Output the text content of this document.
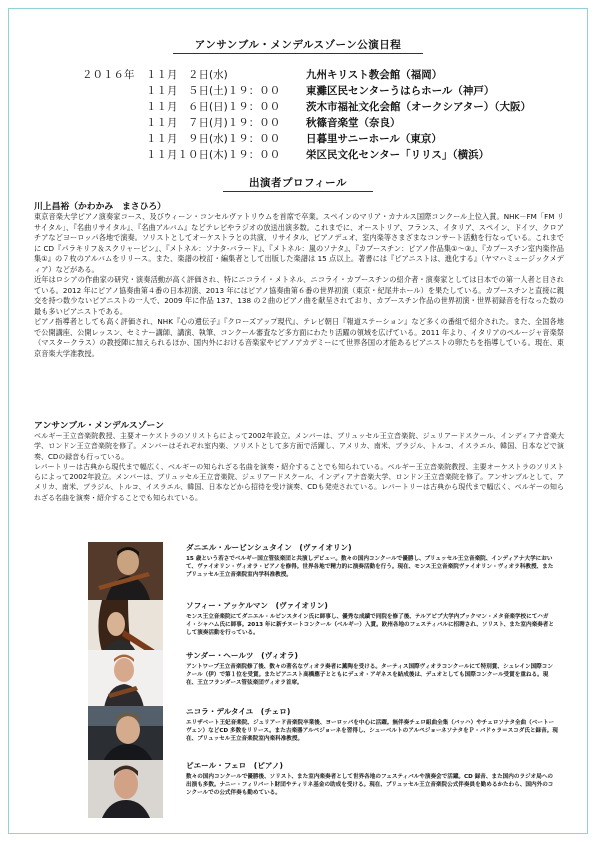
アンサンブル・メンデルスゾーン公演日程
２０１６年	１１月　２日(水)	九州キリスト教会館（福岡）
１１月　５日(土)１９：００	東灘区民センターうはらホール（神戸）
１１月　６日(日)１９：００	茨木市福祉文化会館（オークシアター）（大阪）
１１月　７日(月)１９：００	秋篠音楽堂（奈良）
１１月　９日(水)１９：００	日暮里サニーホール（東京）
１１月１０日(木)１９：００	栄区民文化センター「リリス」（横浜）
出演者プロフィール
川上昌裕（かわかみ　まさひろ）

東京音楽大学ピアノ演奏家コース、及びウィーン・コンセルヴァトリウムを首席で卒業。スペインのマリア・カナルス国際コンクール上位入賞。NHK－FM「FM リサイタル」、『名曲リサイタル』、『名曲アルバム』などテレビやラジオの放送出演多数。これまでに、オーストリア、フランス、イタリア、スペイン、ドイツ、クロアチアなどヨーロッパ各地で演奏。ソリストとしてオーケストラとの共演、リサイタル、ピアノデュオ、室内楽等さまざまなコンサート活動を行なっている。これまでに CD『パラキリフ＆スクリャービン』、『メトネル：ソナタ-バラード』、『メトネル：嵐のソナタ』、『カプースチン：ピアノ作品集①～③』、『カプースチン室内楽作品集①』の７枚のアルバムをリリース。また、楽譜の校訂・編集者として出版した楽譜は 15 点以上。著書には『ピアニストは、進化する』（ヤマハミュージックメディア）などがある。

近年はロシアの作曲家の研究・演奏活動が高く評価され、特にニコライ・メトネル、ニコライ・カプースチンの紹介者・演奏家としては日本での第一人者と目されている。2012 年にピアノ協奏曲第４番の日本初演、2013 年にはピアノ協奏曲第６番の世界初演（東京・紀尾井ホール）を果たしている。カプースチンと直接に親交を持つ数少ないピアニストの一人で、2009 年に作品 137、138 の２曲のピアノ曲を献呈されており、カプースチン作品の世界初演・世界初録音を行なった数の最も多いピアニストである。

ピアノ指導者としても高く評価され、NHK『心の遺伝子』『クローズアップ現代』、テレビ朝日『報道ステーション』など多くの番組で紹介された。また、全国各地で公開講座、公開レッスン、セミナー講師、講演、執筆、コンクール審査など多方面にわたり活躍の領域を広げている。2011 年より、イタリアのペルージャ音楽祭（マスタークラス）の教授陣に加えられるほか、国内外における音楽家やピアノアカデミーにて世界各国の才能あるピアニストの卵たちを指導している。現在、東京音楽大学准教授。

アンサンブル・メンデルスゾーン

ベルギー王立音楽院教授、主要オーケストラのソリストらによって2002年設立。メンバーは、ブリュッセル王立音楽院、ジュリアードスクール、インディアナ音楽大学、ロンドン王立音楽院を修了。メンバーはそれぞれ室内楽、ソリストとして多方面で活躍し、アメリカ、南米、ブラジル、トルコ、イスラエル、韓国、日本などで演奏、CDの録音も行っている。

レパートリーは古典から現代まで幅広く、ベルギーの知られざる名曲を演奏・紹介することでも知られている。ベルギー王立音楽院教授、主要オーケストラのソリストらによって2002年設立。メンバーは、ブリュッセル王立音楽院、ジュリアードスクール、インディアナ音楽大学、ロンドン王立音楽院を修了。アンサンブルとして、アメリカ、南米、ブラジル、トルコ、イスラエル、韓国、日本などから招待を受け演奏、CDも発売されている。レパートリーは古典から現代まで幅広く、ベルギーの知られざる名曲を演奏・紹介することでも知られている。

ダニエル・ルービンシュタイン　(ヴァイオリン)
15 歳という若さでベルギー国立管弦楽団と共演しデビュー。数々の国内コンクールで優勝し、ブリュッセル王立音楽院、インディアナ大学において、ヴァイオリン・ヴィオラ・ピアノを修得。世界各地で精力的に演奏活動を行う。現在、モンス王立音楽院ヴァイオリン・ヴィオラ科教授、またブリュッセル王立音楽院室内学科准教授。
ソフィー・アッケルマン　(ヴァイオリン)
モンス王立音楽院にてダニエル・ルビンスタイン氏に師事し、優秀な成績で同院を修了後、テルアビブ大学内ブックマン・メタ音楽学校にてハガイ・シャハム氏に師事。2013 年に新チヌートコンクール（ベルギー）入賞。欧州各地のフェスティバルに招聘され、ソリスト、また室内楽奏者として演奏活動を行っている。
サンダー・ヘールツ　(ヴィオラ)
アントワープ王立音楽院修了後、数々の著名なヴィオラ奏者に薫陶を受ける。ターティス国際ヴィオラコンクールにて特別賞、シュレイン国際コンクール（伊）で第１位を受賞。またピアニスト高橋應子とともにデュオ・アギネスを結成後は、デュオとしても国際コンクール受賞を重ねる。現在、王立フランダース管弦楽団ヴィオラ首席。
ニコラ・デルタイユ　(チェロ)
エリザベート王妃音楽院、ジュリアード音楽院卒業後、ヨーロッパを中心に活躍。無伴奏チェロ組曲全集（バッハ）やチェロソナタ全曲（ベートーヴェン）などCD 多数をリリース。また古楽器アルペジョーネを習得し、シューベルトのアルペジョーネソナタをＰ・バドゥラ＝スコダ氏と録音。現在、ブリュッセル王立音楽院室内楽科准教授。
ピエール・フェロ　(ピアノ)
数々の国内コンクールで優勝後、ソリスト、また室内楽奏者として世界各地のフェスティバルや演奏会で活躍。CD 録音、また国内のラジオ局への出演も多数。ナニー・フィリパート財団やティリネ基金の助成を受ける。現在、ブリュッセル王立音楽院公式伴奏員を勤めるかたわら、国内外のコンクールでの公式伴奏も勤めている。
